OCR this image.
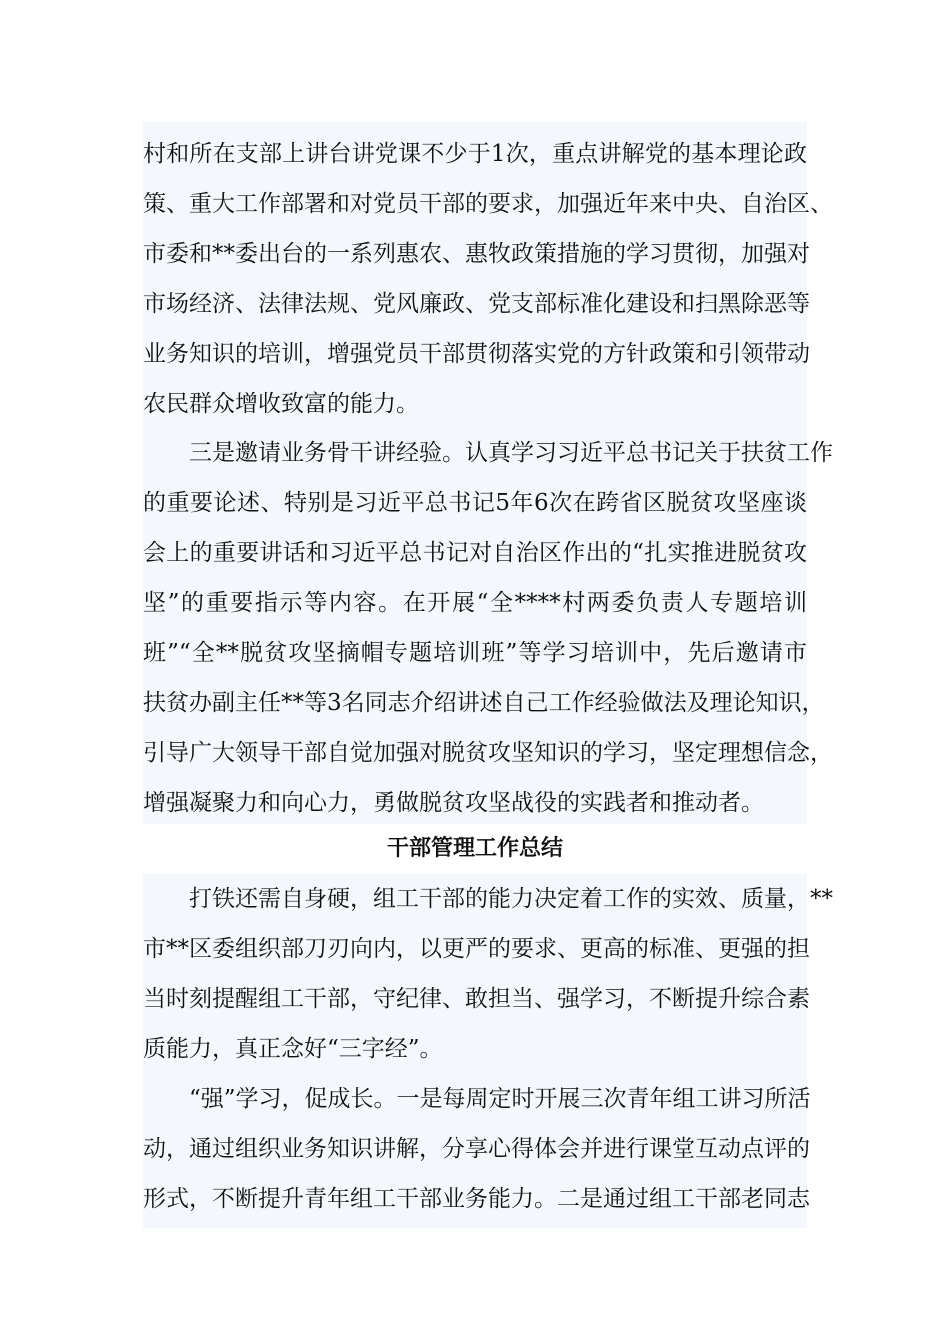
村和所在支部上讲台讲党课不少于1次，重点讲解党的基本理论政
策、重大工作部署和对党员干部的要求，加强近年来中央、自治区、
市委和**委出台的一系列惠农、惠牧政策措施的学习贯彻，加强对
市场经济、法律法规、党风廉政、党支部标准化建设和扫黑除恶等
业务知识的培训，增强党员干部贯彻落实党的方针政策和引领带动
农民群众增收致富的能力。
三是邀请业务骨干讲经验。认真学习习近平总书记关于扶贫工作
的重要论述、特别是习近平总书记5年6次在跨省区脱贫攻坚座谈
会上的重要讲话和习近平总书记对自治区作出的“扎实推进脱贫攻
坚”的重要指示等内容。在开展“全****村两委负责人专题培训
班”“全**脱贫攻坚摘帽专题培训班”等学习培训中，先后邀请市
扶贫办副主任**等3名同志介绍讲述自己工作经验做法及理论知识，
引导广大领导干部自觉加强对脱贫攻坚知识的学习，坚定理想信念，
增强凝聚力和向心力，勇做脱贫攻坚战役的实践者和推动者。
干部管理工作总结
打铁还需自身硬，组工干部的能力决定着工作的实效、质量，**
市**区委组织部刀刃向内，以更严的要求、更高的标准、更强的担
当时刻提醒组工干部，守纪律、敢担当、强学习，不断提升综合素
质能力，真正念好“三字经”。
“强”学习，促成长。一是每周定时开展三次青年组工讲习所活
动，通过组织业务知识讲解，分享心得体会并进行课堂互动点评的
形式，不断提升青年组工干部业务能力。二是通过组工干部老同志
